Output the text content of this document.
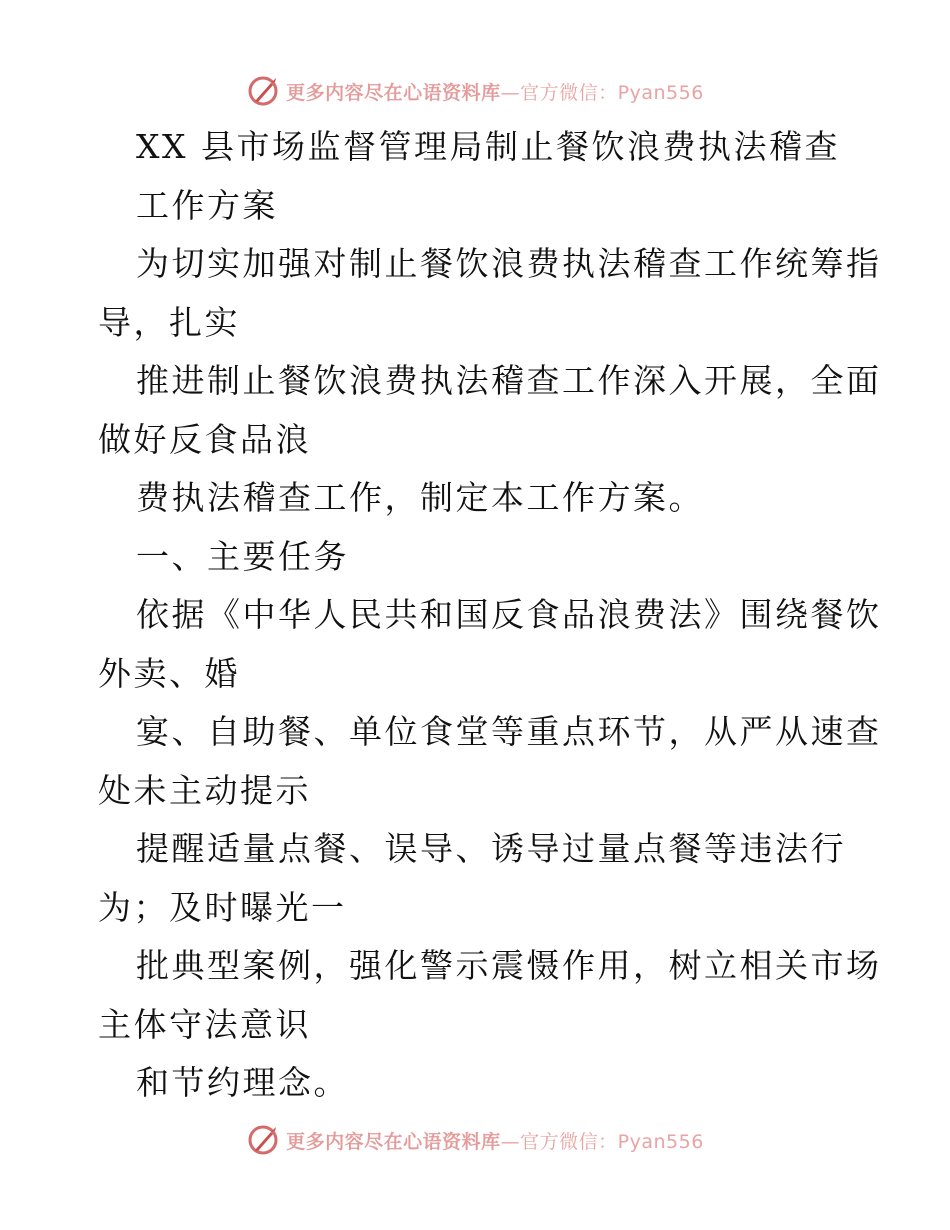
更多内容尽在心语资料库—官方微信：Pyan556
XX 县市场监督管理局制止餐饮浪费执法稽查
工作方案
为切实加强对制止餐饮浪费执法稽查工作统筹指
导，扎实
推进制止餐饮浪费执法稽查工作深入开展，全面
做好反食品浪
费执法稽查工作，制定本工作方案。
一、主要任务
依据《中华人民共和国反食品浪费法》围绕餐饮
外卖、婚
宴、自助餐、单位食堂等重点环节，从严从速查
处未主动提示
提醒适量点餐、误导、诱导过量点餐等违法行
为；及时曝光一
批典型案例，强化警示震慑作用，树立相关市场
主体守法意识
和节约理念。
更多内容尽在心语资料库—官方微信：Pyan556
